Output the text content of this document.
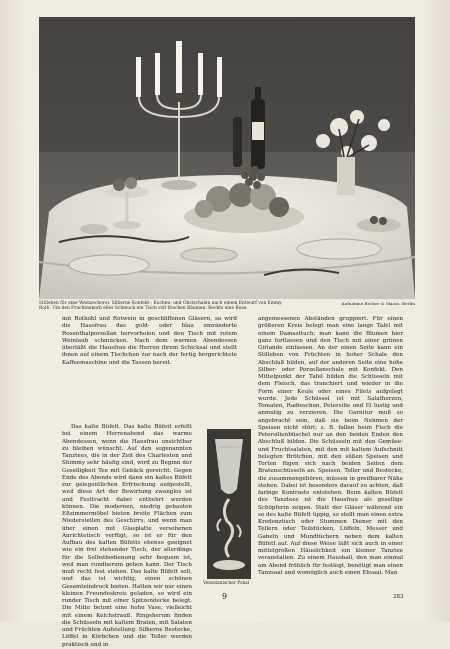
Stilleben für eine Weinzecherei. Silberne Konfekt-, Kuchen- und Obstschalen nach einem Entwurf von Emmy Roth. Um den Fruchtenkorb elles Schmuck ein Tisch voll frischen Bäumen. Rechts eine Rose.
Aufnahme Becker & Maass, Berlin

mit Rotkohl und Rotwein in geschliffenen Gläsern, so wird die Hausfrau das gold- oder blau umränderte Rosenthalporzellan hervorholen und den Tisch mit rotem Weinlaub schmücken. Nach dem warmen Abendessen überläßt die Hausfrau die Herren ihrem Schicksal und stellt ihnen auf einem Tischchen zur nach der fertig hergerichtete Kaffeemaschine und die Tassen bereit.

Das kalte Büfett. Das kalte Büfett erfeßt bei einem Herrenabend das warme Abendessen, wenn die Hausfrau unsichtbar zu bleiben wünscht. Auf den sogenannten Tanztees, die in der Zeit des Charleston und Shimmy sehr häufig sind, wird zu Beginn der Geselligkeit Tee mit Gebäck gereicht. Gegen Ende des Abends wird dann ein kaltes Büfett zur gelegentlichen Erfrischung aufgestellt, weil diese Art der Bewirtung zwanglos ist und Festtracht dabei entbehrt werden können. Die modernen, niedrig gebauten Eßzimmermöbel bieten breite Flächen zum Niederstellen des Geschirrs, und wenn man über einen mit Glasplatte versehenen Anrichtetisch verfügt, so ist er für den Aufbau des kalten Büfetts ebenso geeignet wie ein frei stehender Tisch, der allerdings für die Selbstbedienung sehr bequem ist, weil man rundherum gehen kann. Der Tisch muß recht fest stehen. Das kalte Büfett soll, und das ist wichtig, einen schönen Gesamteindruck bieten. Hatten wir nur einen kleinen Freundeskreis geladen, so wird ein runder Tisch mit einer Spitzendecke belegt. Die Mitte betont eine hohe Vase, vielleicht mit einem Kelchstrauß. Ringsherum finden die Schüsseln mit kaltem Braten, mit Salaten und Früchten Aufstellung. Silberne Bestecke, Löffel in Körbchen und die Teller werden praktisch und in

Venezianischer Pokal

angemessenen Abständen gruppiert. Für einen größeren Kreis belegt man eine lange Tafel mit einem Damasttuch; man kann die Blumen hier ganz fortlassen und den Tisch mit einer grünen Girlande einfassen. An der einen Seite kann ein Stilleben von Früchten in hoher Schale den Abschluß bilden, auf der anderen Seite eine hohe Silber- oder Porzellanschale mit Konfekt. Den Mittelpunkt der Tafel bilden die Schüsseln mit dem Fleisch, das tranchiert und wieder in die Form einer Keule oder eines Filets aufgelegt wurde. Jede Schüssel ist mit Salatherzen, Tomaten, Radieschen, Petersilie und Ei lustig und anmutig zu verzieren. Die Garnitur muß so angebracht sein, daß sie beim Nehmen der Speisen nicht stört; z. B. fallen beim Fisch die Petersilienbüschel nur an den beiden Enden den Abschluß bilden. Die Schüsseln mit den Gemüse- und Fruchtsalaten, mit den mit kaltem Aufschnitt belegten Brötchen, mit den süßen Speisen und Torten fügen sich nach beiden Seiten dem Bratenschüsseln an. Speisen, Teller und Bestecke, die zusammengehören, müssen in greifbarer Nähe stehen. Dabei ist besonders darauf zu achten, daß farbige Kontraste entstehen. Beim kalten Büfett des Tanztees ist die Hausfrau als gesellige Schöpferin zeigen. Statt der Gläser während ein so des kalte Büfett üppig, so stellt man einen extra Kredenztisch oder Stummen Diener mit den Tellern oder Teilstücken, Löffeln, Messer und Gabeln und Mundtüchern neben dem kalten Büfett auf. Auf diese Weise läßt sich auch in einer mittelgroßen Häuslichkeit ein kleiner Tanztee veranstalten. Zu einem Hausball, den man einmal am Abend fröhlich für festlegt, benötigt man einen Tanzsaal und womöglich auch einen Ehsaal. Man

9	283
